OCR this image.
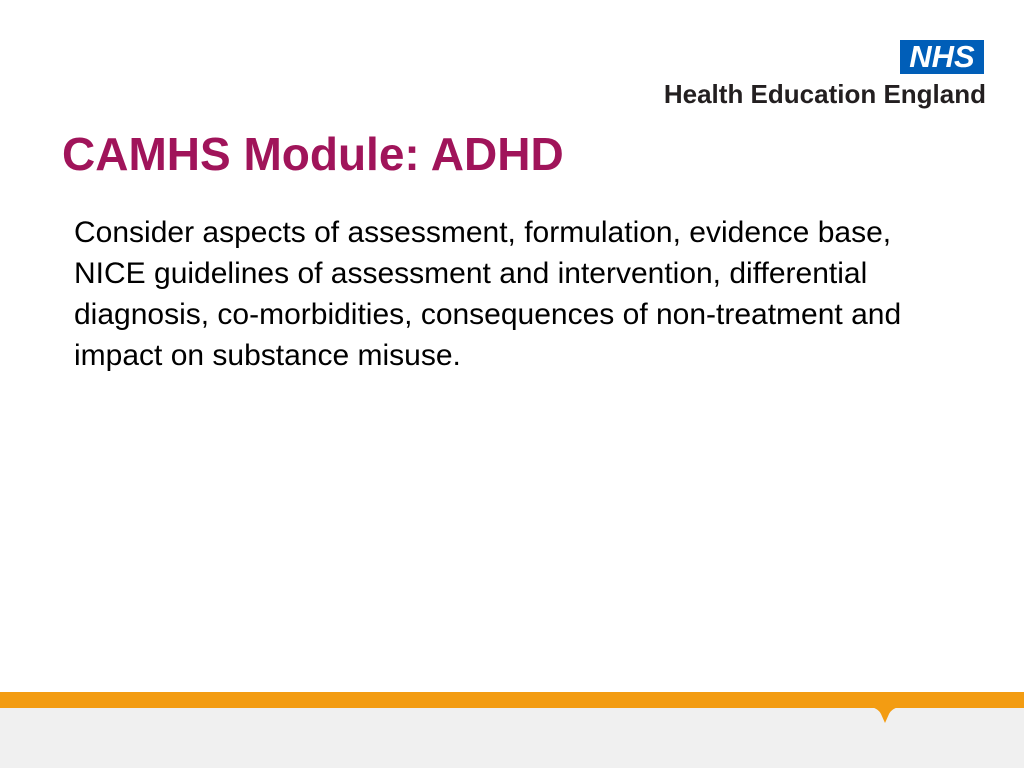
NHS
Health Education England
CAMHS Module: ADHD

Consider aspects of assessment, formulation, evidence base, NICE guidelines of assessment and intervention, differential diagnosis, co-morbidities, consequences of non-treatment and impact on substance misuse.
